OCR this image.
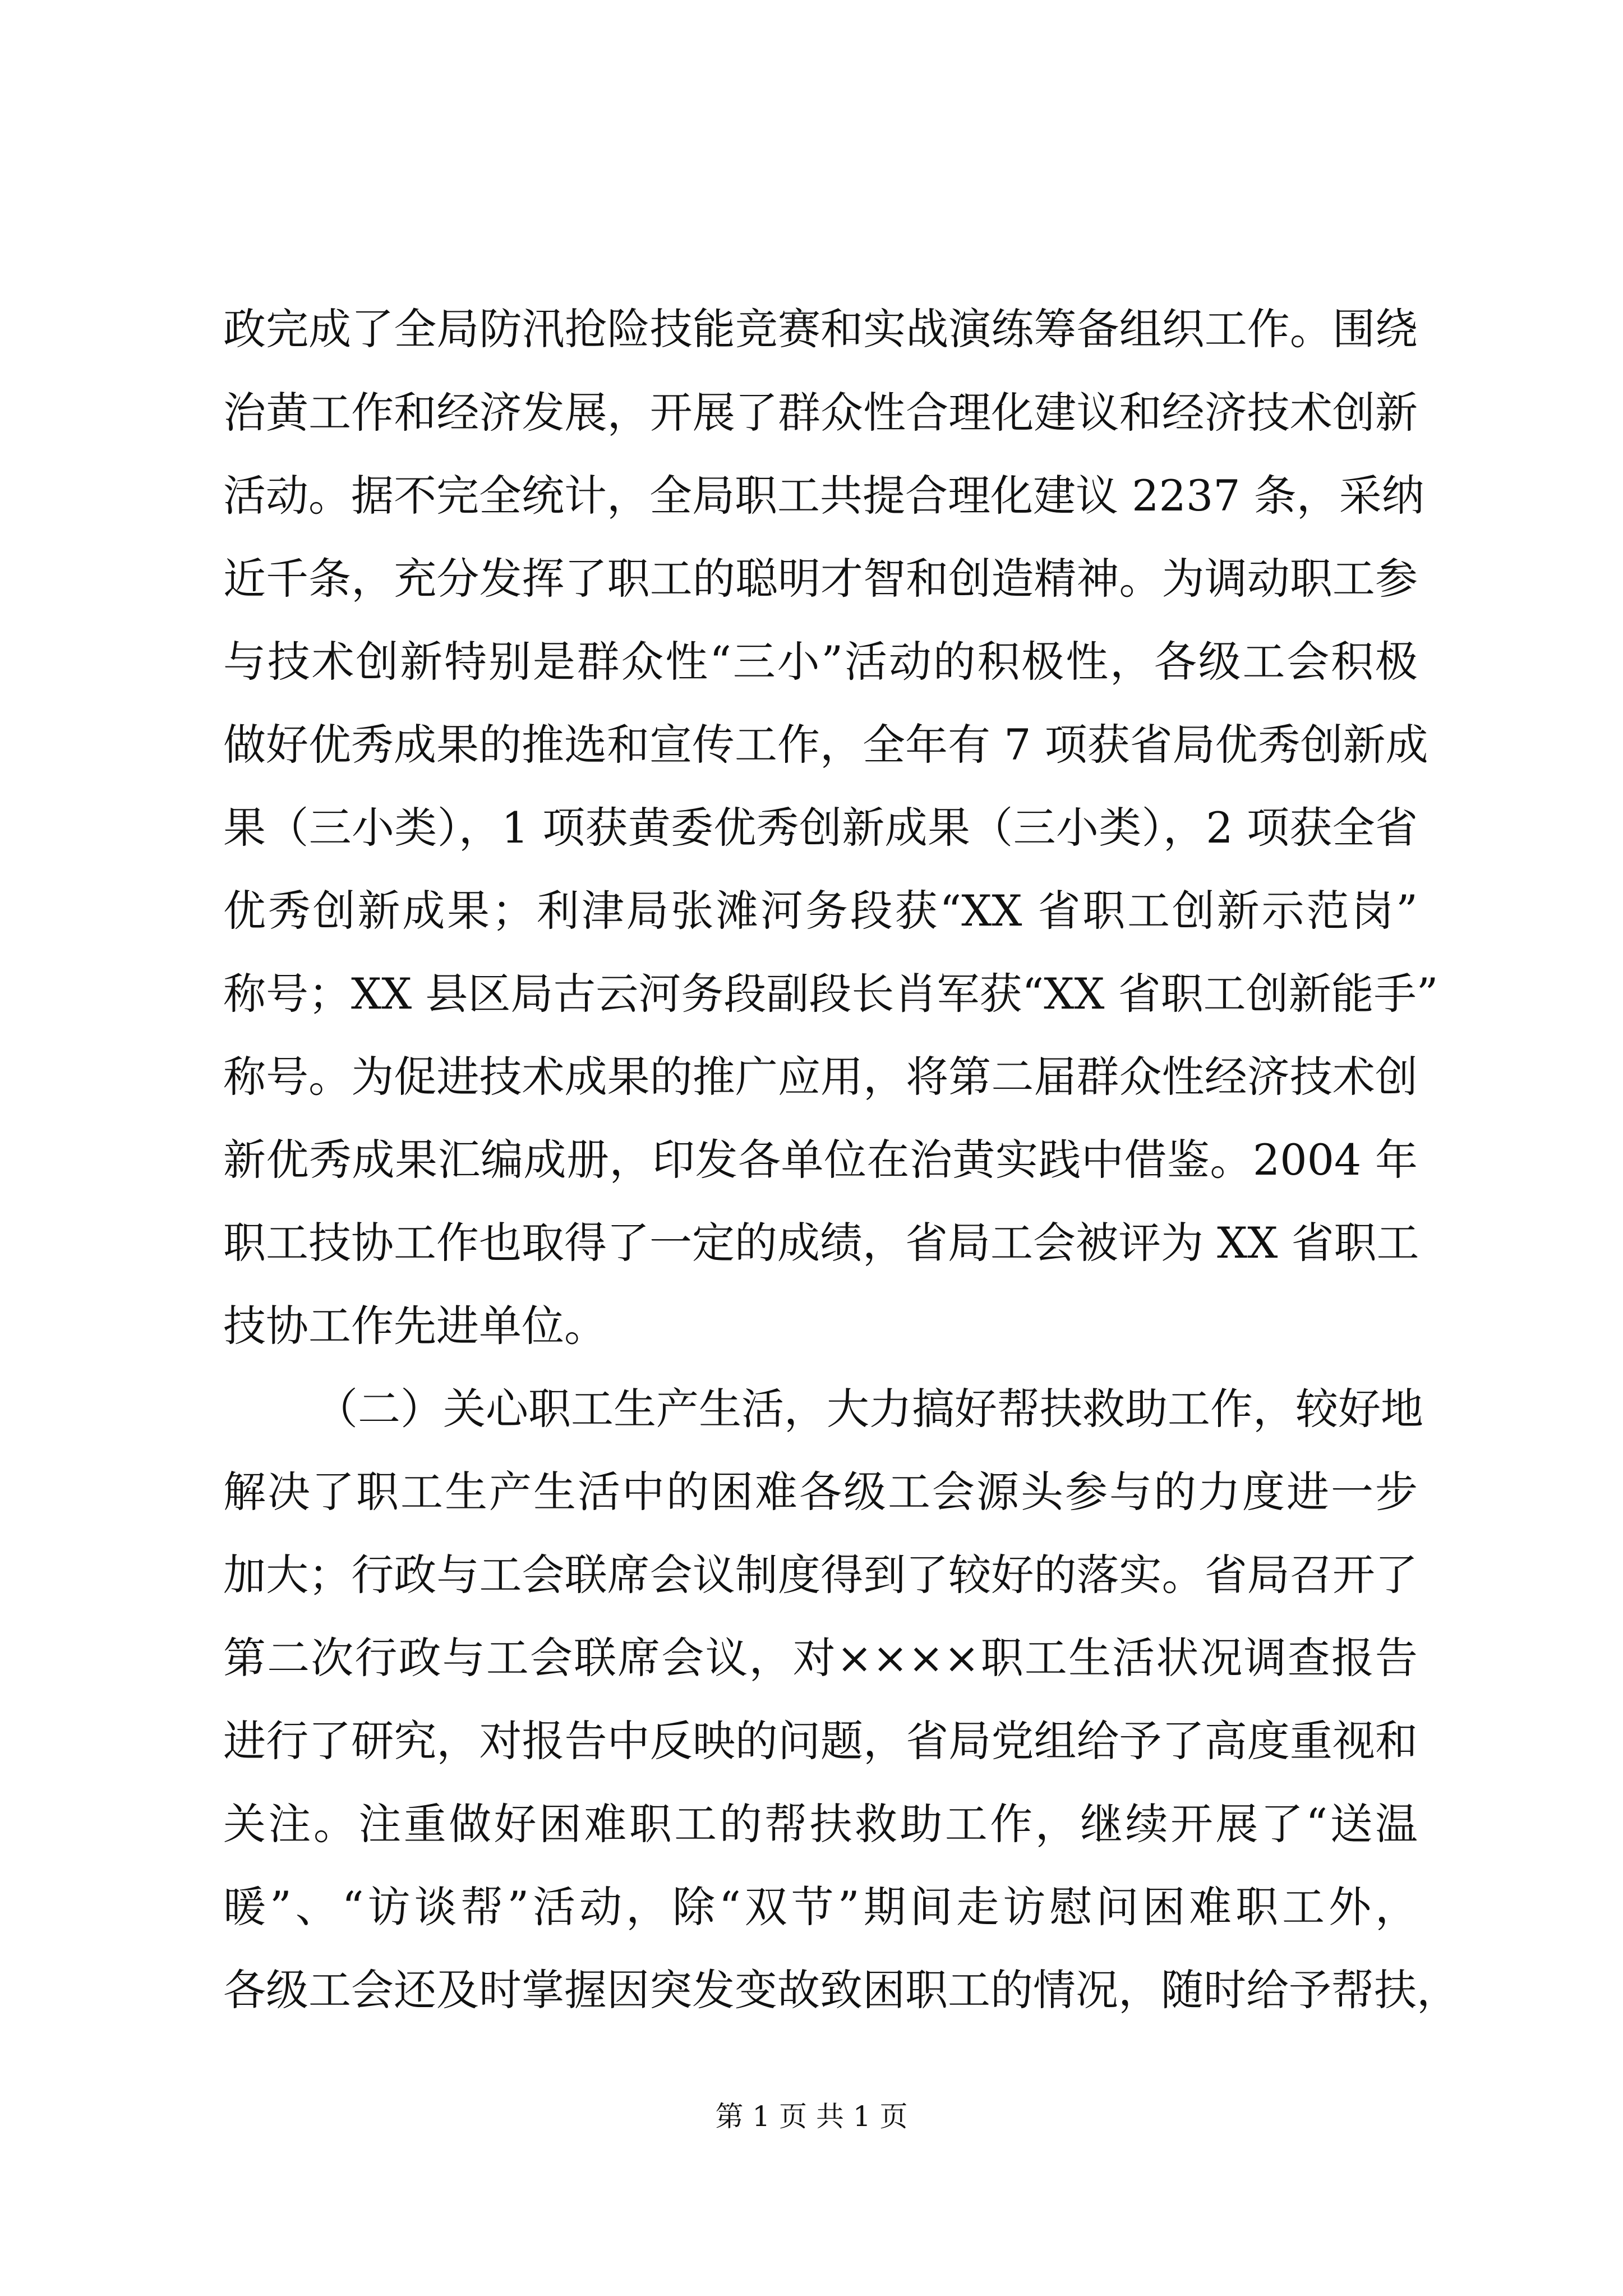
政完成了全局防汛抢险技能竞赛和实战演练筹备组织工作。围绕
治黄工作和经济发展，开展了群众性合理化建议和经济技术创新
活动。据不完全统计，全局职工共提合理化建议 2237 条，采纳
近千条，充分发挥了职工的聪明才智和创造精神。为调动职工参
与技术创新特别是群众性“三小”活动的积极性，各级工会积极
做好优秀成果的推选和宣传工作，全年有 7 项获省局优秀创新成
果（三小类），1 项获黄委优秀创新成果（三小类），2 项获全省
优秀创新成果；利津局张滩河务段获“XX 省职工创新示范岗”
称号；XX 县区局古云河务段副段长肖军获“XX 省职工创新能手”
称号。为促进技术成果的推广应用，将第二届群众性经济技术创
新优秀成果汇编成册，印发各单位在治黄实践中借鉴。2004 年
职工技协工作也取得了一定的成绩，省局工会被评为 XX 省职工
技协工作先进单位。
（二）关心职工生产生活，大力搞好帮扶救助工作，较好地
解决了职工生产生活中的困难各级工会源头参与的力度进一步
加大；行政与工会联席会议制度得到了较好的落实。省局召开了
第二次行政与工会联席会议，对××××职工生活状况调查报告
进行了研究，对报告中反映的问题，省局党组给予了高度重视和
关注。注重做好困难职工的帮扶救助工作，继续开展了“送温
暖”、“访谈帮”活动，除“双节”期间走访慰问困难职工外，
各级工会还及时掌握因突发变故致困职工的情况，随时给予帮扶，
第 1 页 共 1 页
